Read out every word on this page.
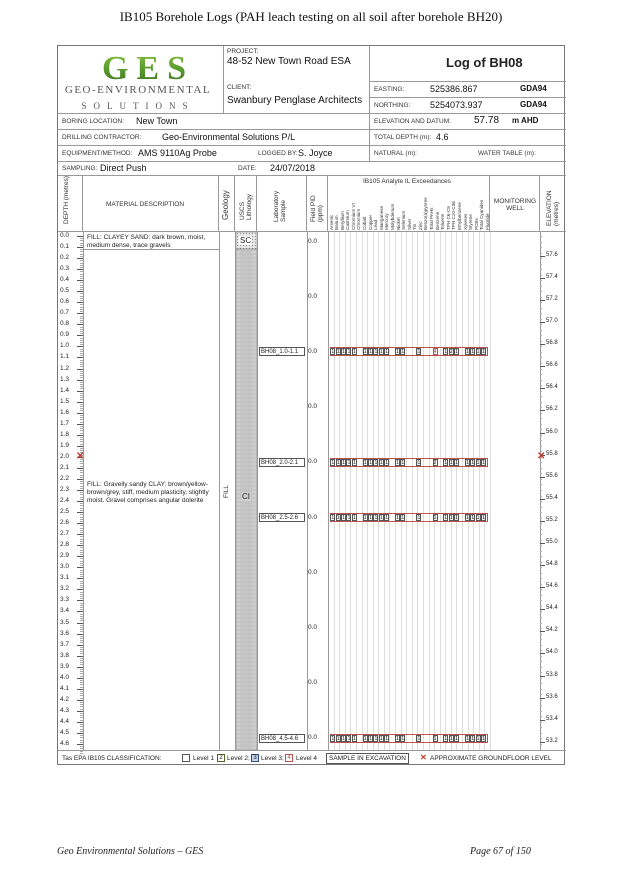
IB105 Borehole Logs (PAH leach testing on all soil after borehole BH20)
GES
GEO-ENVIRONMENTAL
SOLUTIONS
PROJECT:
48-52 New Town Road ESA
CLIENT:
Swanbury Penglase Architects
Log of BH08
EASTING:	525386.867	GDA94
NORTHING: 5254073.937	GDA94
BORING LOCATION: New Town	ELEVATION AND DATUM: 57.78 m AHD
DRILLING CONTRACTOR: Geo-Environmental Solutions P/L	TOTAL DEPTH (m): 4.6
EQUIPMENT/METHOD: AMS 9110Ag Probe	LOGGED BY: S. Joyce	NATURAL (m):	WATER TABLE (m):
SAMPLING: Direct Push	DATE: 24/07/2018
DEPTH (metres)	MATERIAL DESCRIPTION	Geology USCS Lithology	Laboratory Sample	Field PID (ppm)
IB105 Analyte IL Exceedances
Arsenic Barium Beryllium Cadmium Chromium VI Chromium Cobalt Copper Lead Manganese Mercury Molybdenum Nickel Selenium Silver Tin Zinc Benzo(a)pyrene Total PAHs Benzene Toluene TPH C6-C9 TPH C10-C36 Ethylbenzene Xylenes Styrene PCBs Total Cyanides Fluoride
MONITORING WELL	ELEVATION (metres)
0.0
0.1
0.2
0.3
0.4
0.5
0.6
0.7
0.8
0.9
1.0
1.1
1.2
1.3
1.4
1.5
1.6
1.7
1.8
1.9
2.0
2.1
2.2
2.3
2.4
2.5
2.6
2.7
2.8
2.9
3.0
3.1
3.2
3.3
3.4
3.5
3.6
3.7
3.8
3.9
4.0
4.1
4.2
4.3
4.4
4.5
4.6
57.6
57.4
57.2
57.0
56.8
56.6
56.4
56.2
56.0
55.8
55.6
55.4
55.2
55.0
54.8
54.6
54.4
54.2
54.0
53.8
53.6
53.4
53.2
FILL: CLAYEY SAND: dark brown, moist, medium dense, trace gravels
FILL: Gravelly sandy CLAY: brown/yellow-brown/grey, stiff, medium plasticity, slightly moist. Gravel comprises angular dolerite
FILL
SC
CI
0.0
0.0
0.0
0.0
0.0
0.0
0.0
0.0
0.0
0.0
BH08_1.0-1.1	1 1 1 1 1 1 1 1 1 1 1 1 1 4 1 2 1 1 1 1 1
BH08_2.0-2.1	1 1 1 1 1 1 1 1 1 1 1 1 1 2 1 1 1 1 1 1 1
BH08_2.5-2.6	1 1 1 1 1 1 1 1 1 1 1 1 1 1 1 1 1 1 1 1 1
BH08_4.5-4.6	1 1 1 1 1 1 1 1 1 1 1 1 1 1 1 1 1 1 1 1 1
✕	✕
Tas EPA IB105 CLASSIFICATION:	Level 1 2 Level 2; 3 Level 3; 4 Level 4	SAMPLE IN EXCAVATION	✕ APPROXIMATE GROUNDFLOOR LEVEL
Geo Environmental Solutions – GES	Page 67 of 150
